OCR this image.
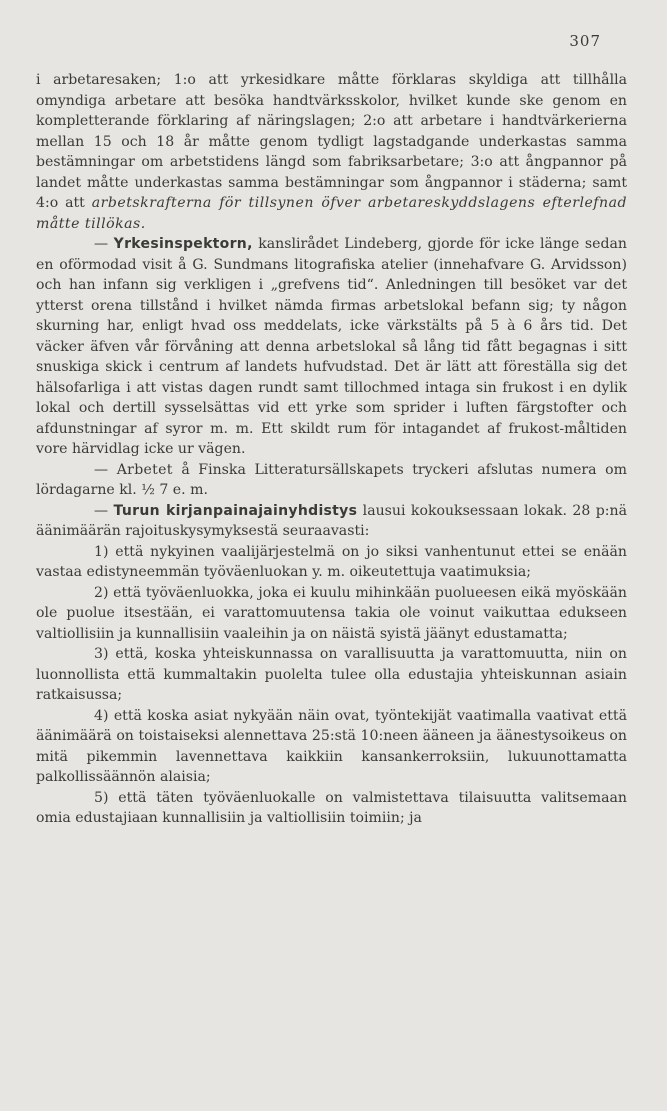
307

i arbetaresaken; 1:o att yrkesidkare måtte förklaras skyldiga att tillhålla omyndiga arbetare att besöka handtvärksskolor, hvilket kunde ske genom en kompletterande förklaring af näringslagen; 2:o att arbetare i handtvärkerierna mellan 15 och 18 år måtte genom tydligt lagstadgande underkastas samma bestämningar om arbetstidens längd som fabriksarbetare; 3:o att ångpannor på landet måtte underkastas samma bestämningar som ångpannor i städerna; samt 4:o att arbetskrafterna för tillsynen öfver arbetareskyddslagens efterlefnad måtte tillökas.

— Yrkesinspektorn, kanslirådet Lindeberg, gjorde för icke länge sedan en oförmodad visit å G. Sundmans litografiska atelier (innehafvare G. Arvidsson) och han infann sig verkligen i „grefvens tid“. Anledningen till besöket var det ytterst orena tillstånd i hvilket nämda firmas arbetslokal befann sig; ty någon skurning har, enligt hvad oss meddelats, icke värkstälts på 5 à 6 års tid. Det väcker äfven vår förvåning att denna arbetslokal så lång tid fått begagnas i sitt snuskiga skick i centrum af landets hufvudstad. Det är lätt att föreställa sig det hälsofarliga i att vistas dagen rundt samt tillochmed intaga sin frukost i en dylik lokal och dertill sysselsättas vid ett yrke som sprider i luften färgstofter och afdunstningar af syror m. m. Ett skildt rum för intagandet af frukost-måltiden vore härvidlag icke ur vägen.

— Arbetet å Finska Litteratursällskapets tryckeri afslutas numera om lördagarne kl. ½ 7 e. m.

— Turun kirjanpainajainyhdistys lausui kokouksessaan lokak. 28 p:nä äänimäärän rajoituskysymyksestä seuraavasti:

1) että nykyinen vaalijärjestelmä on jo siksi vanhentunut ettei se enään vastaa edistyneemmän työväenluokan y. m. oikeutettuja vaatimuksia;

2) että työväenluokka, joka ei kuulu mihinkään puolueesen eikä myöskään ole puolue itsestään, ei varattomuutensa takia ole voinut vaikuttaa edukseen valtiollisiin ja kunnallisiin vaaleihin ja on näistä syistä jäänyt edustamatta;

3) että, koska yhteiskunnassa on varallisuutta ja varattomuutta, niin on luonnollista että kummaltakin puolelta tulee olla edustajia yhteiskunnan asiain ratkaisussa;

4) että koska asiat nykyään näin ovat, työntekijät vaatimalla vaativat että äänimäärä on toistaiseksi alennettava 25:stä 10:neen ääneen ja äänestysoikeus on mitä pikemmin lavennettava kaikkiin kansankerroksiin, lukuunottamatta palkollissäännön alaisia;

5) että täten työväenluokalle on valmistettava tilaisuutta valitsemaan omia edustajiaan kunnallisiin ja valtiollisiin toimiin; ja
